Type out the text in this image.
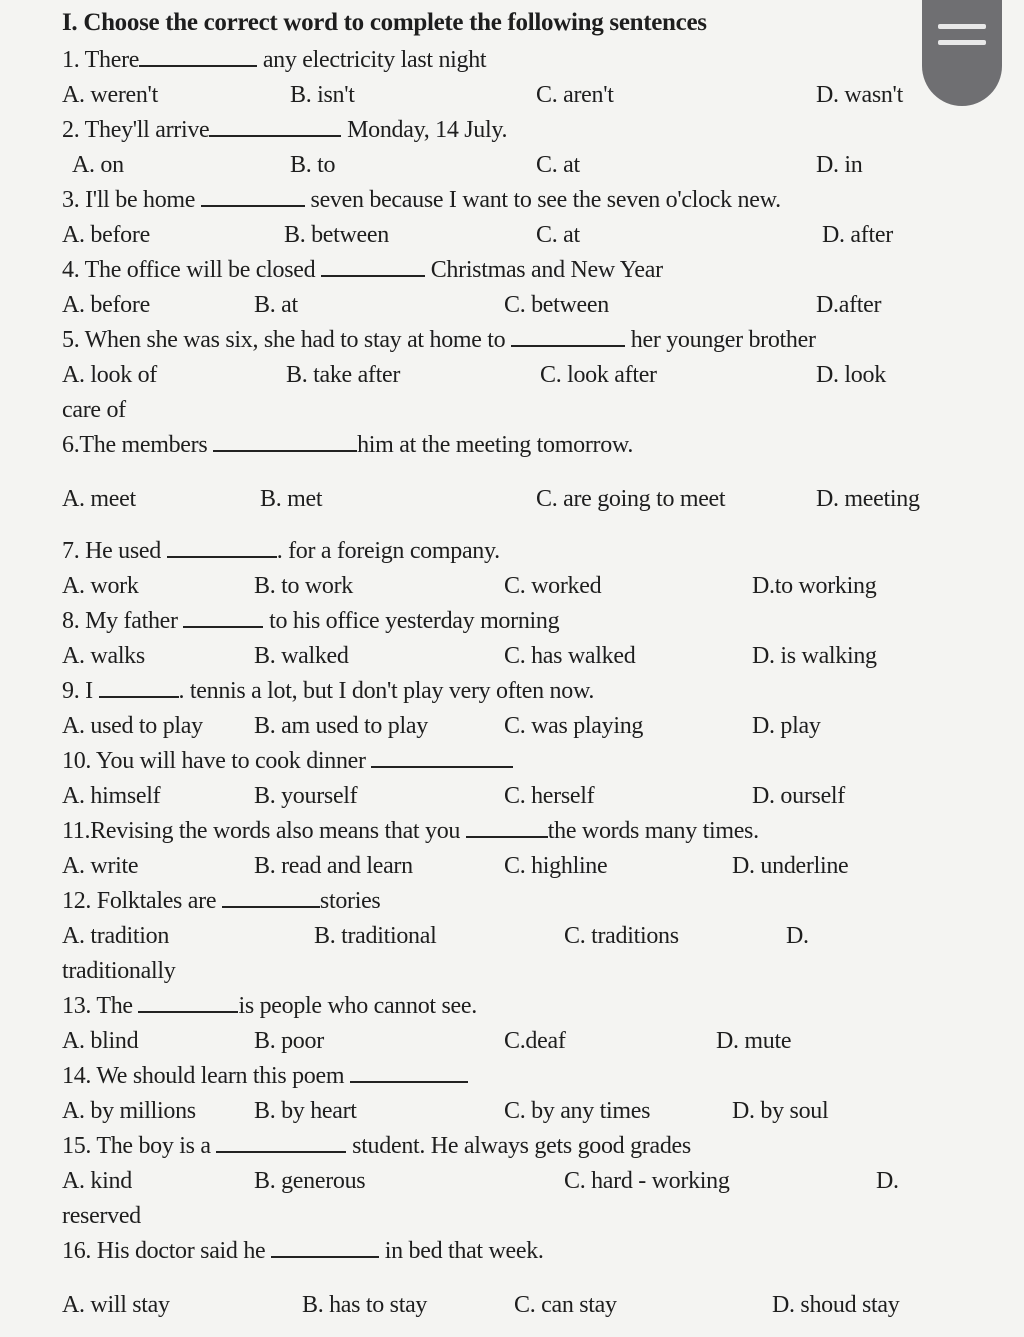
I. Choose the correct word to complete the following sentences
1. There	any electricity last night
A. weren't	B. isn't	C. aren't	D. wasn't
2. They'll arrive	Monday, 14 July.
A. on	B. to	C. at	D. in
3. I'll be home	seven because I want to see the seven o'clock new.
A. before	B. between	C. at	D. after
4. The office will be closed	Christmas and New Year
A. before	B. at	C. between	D.after
5. When she was six, she had to stay at home to	her younger brother
A. look of	B. take after	C. look after	D. look
care of
6.The members	him at the meeting tomorrow.
A. meet	B. met	C. are going to meet	D. meeting
7. He used	. for a foreign company.
A. work	B. to work	C. worked	D.to working
8. My father	to his office yesterday morning
A. walks	B. walked	C. has walked	D. is walking
9. I	. tennis a lot, but I don't play very often now.
A. used to play B. am used to play	C. was playing	D. play
10. You will have to cook dinner
A. himself	B. yourself	C. herself	D. ourself
11.Revising the words also means that you	the words many times.
A. write	B. read and learn	C. highline	D. underline
12. Folktales are	stories
A. tradition	B. traditional	C. traditions	D.
traditionally
13. The	is people who cannot see.
A. blind	B. poor	C.deaf	D. mute
14. We should learn this poem
A. by millions B. by heart	C. by any times	D. by soul
15. The boy is a	student. He always gets good grades
A. kind	B. generous	C. hard - working	D.
reserved
16. His doctor said he	in bed that week.
A. will stay	B. has to stay	C. can stay	D. shoud stay
